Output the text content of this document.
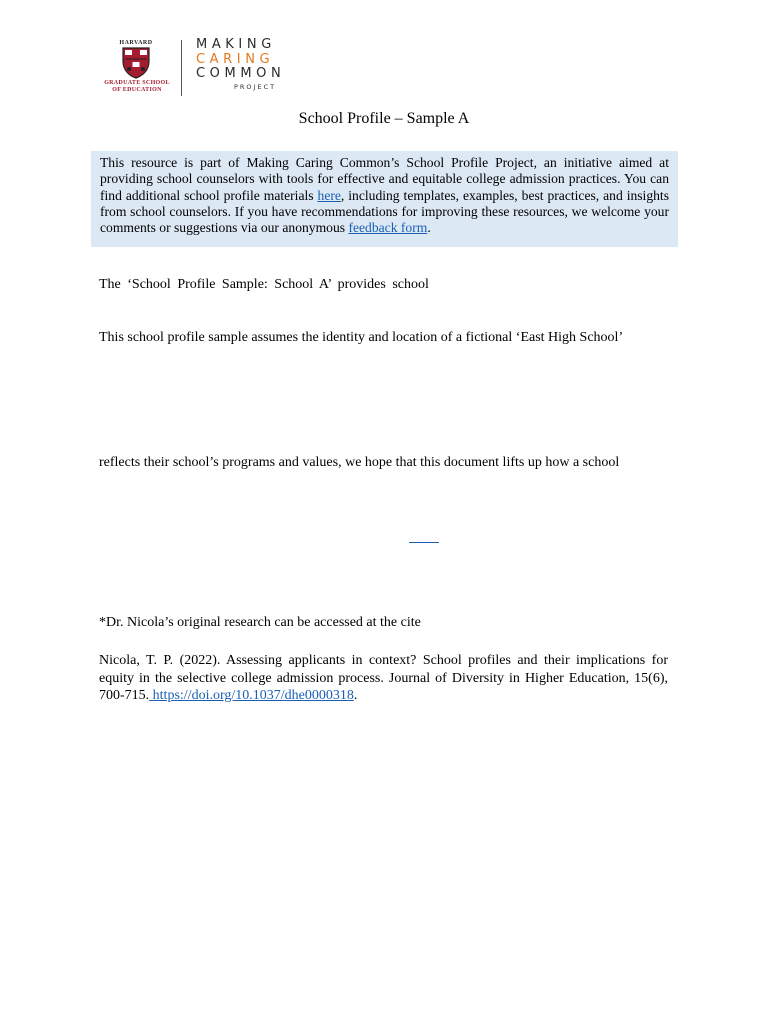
HARVARD
GRADUATE SCHOOL
OF EDUCATION
MAKING
CARING
COMMON
PROJECT
School Profile – Sample A

This resource is part of Making Caring Common’s School Profile Project, an initiative aimed at providing school counselors with tools for effective and equitable college admission practices. You can find additional school profile materials here, including templates, examples, best practices, and insights from school counselors. If you have recommendations for improving these resources, we welcome your comments or suggestions via our anonymous feedback form.

The ‘School Profile Sample: School A’ provides school
This school profile sample assumes the identity and location of a fictional ‘East High School’
reflects their school’s programs and values, we hope that this document lifts up how a school
*Dr. Nicola’s original research can be accessed at the cite

Nicola, T. P. (2022). Assessing applicants in context? School profiles and their implications for equity in the selective college admission process. Journal of Diversity in Higher Education, 15(6), 700-715. https://doi.org/10.1037/dhe0000318.
